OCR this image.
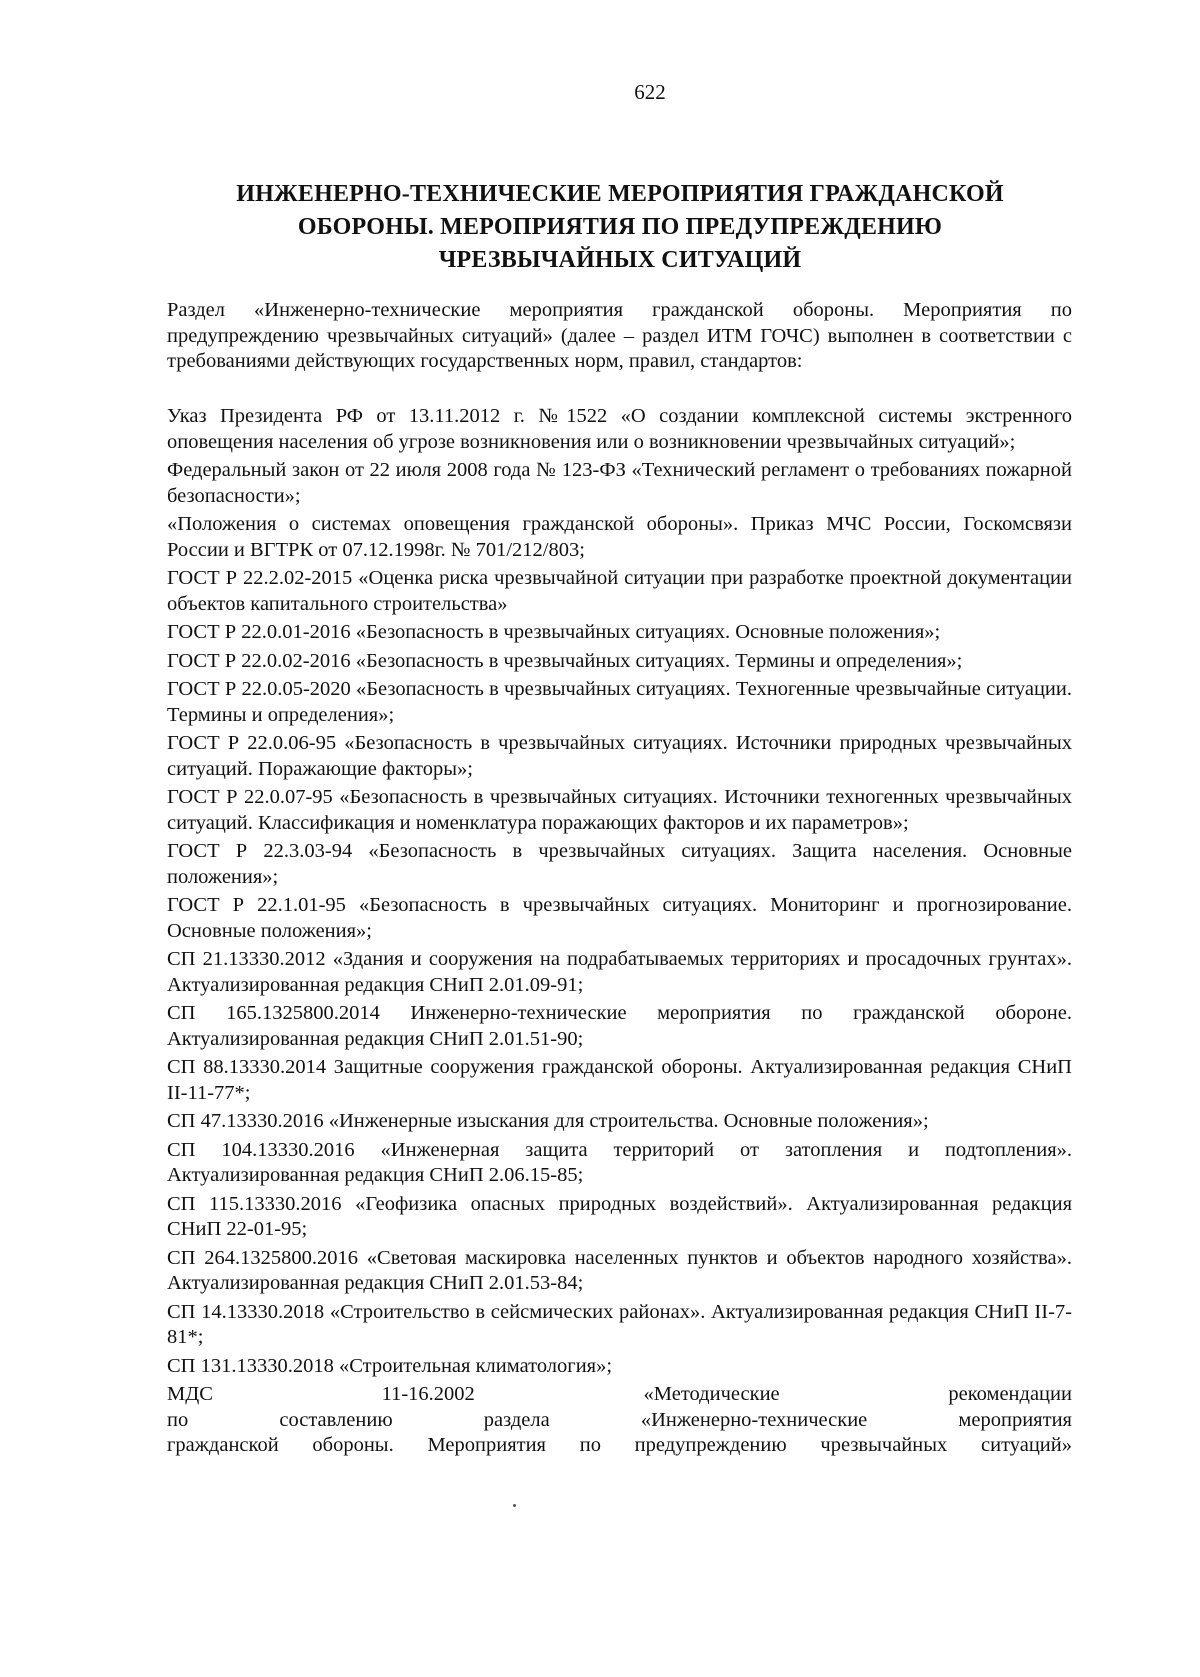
622
ИНЖЕНЕРНО-ТЕХНИЧЕСКИЕ МЕРОПРИЯТИЯ ГРАЖДАНСКОЙ
ОБОРОНЫ. МЕРОПРИЯТИЯ ПО ПРЕДУПРЕЖДЕНИЮ
ЧРЕЗВЫЧАЙНЫХ СИТУАЦИЙ
Раздел «Инженерно-технические мероприятия гражданской обороны. Мероприятия по предупреждению чрезвычайных ситуаций» (далее – раздел ИТМ ГОЧС) выполнен в соответствии с требованиями действующих государственных норм, правил, стандартов:

Указ Президента РФ от 13.11.2012 г. №1522 «О создании комплексной системы экстренного оповещения населения об угрозе возникновения или о возникновении чрезвычайных ситуаций»;

Федеральный закон от 22 июля 2008 года № 123-ФЗ «Технический регламент о требованиях пожарной безопасности»;

«Положения о системах оповещения гражданской обороны». Приказ МЧС России, Госкомсвязи России и ВГТРК от 07.12.1998г. № 701/212/803;

ГОСТ Р 22.2.02-2015 «Оценка риска чрезвычайной ситуации при разработке проектной документации объектов капитального строительства»

ГОСТ Р 22.0.01-2016 «Безопасность в чрезвычайных ситуациях. Основные положения»;

ГОСТ Р 22.0.02-2016 «Безопасность в чрезвычайных ситуациях. Термины и определения»;

ГОСТ Р 22.0.05-2020 «Безопасность в чрезвычайных ситуациях. Техногенные чрезвычайные ситуации. Термины и определения»;

ГОСТ Р 22.0.06-95 «Безопасность в чрезвычайных ситуациях. Источники природных чрезвычайных ситуаций. Поражающие факторы»;

ГОСТ Р 22.0.07-95 «Безопасность в чрезвычайных ситуациях. Источники техногенных чрезвычайных ситуаций. Классификация и номенклатура поражающих факторов и их параметров»;

ГОСТ Р 22.3.03-94 «Безопасность в чрезвычайных ситуациях. Защита населения. Основные положения»;

ГОСТ Р 22.1.01-95 «Безопасность в чрезвычайных ситуациях. Мониторинг и прогнозирование. Основные положения»;

СП 21.13330.2012 «Здания и сооружения на подрабатываемых территориях и просадочных грунтах». Актуализированная редакция СНиП 2.01.09-91;

СП 165.1325800.2014 Инженерно-технические мероприятия по гражданской обороне. Актуализированная редакция СНиП 2.01.51-90;

СП 88.13330.2014 Защитные сооружения гражданской обороны. Актуализированная редакция СНиП II-11-77*;

СП 47.13330.2016 «Инженерные изыскания для строительства. Основные положения»;

СП 104.13330.2016 «Инженерная защита территорий от затопления и подтопления». Актуализированная редакция СНиП 2.06.15-85;

СП 115.13330.2016 «Геофизика опасных природных воздействий». Актуализированная редакция СНиП 22-01-95;

СП 264.1325800.2016 «Световая маскировка населенных пунктов и объектов народного хозяйства». Актуализированная редакция СНиП 2.01.53-84;

СП 14.13330.2018 «Строительство в сейсмических районах». Актуализированная редакция СНиП II-7-81*;

СП 131.13330.2018 «Строительная климатология»;

МДС	11-16.2002	«Методические	рекомендации
по	составлению	раздела	«Инженерно-технические	мероприятия
гражданской обороны. Мероприятия по предупреждению чрезвычайных ситуаций»
